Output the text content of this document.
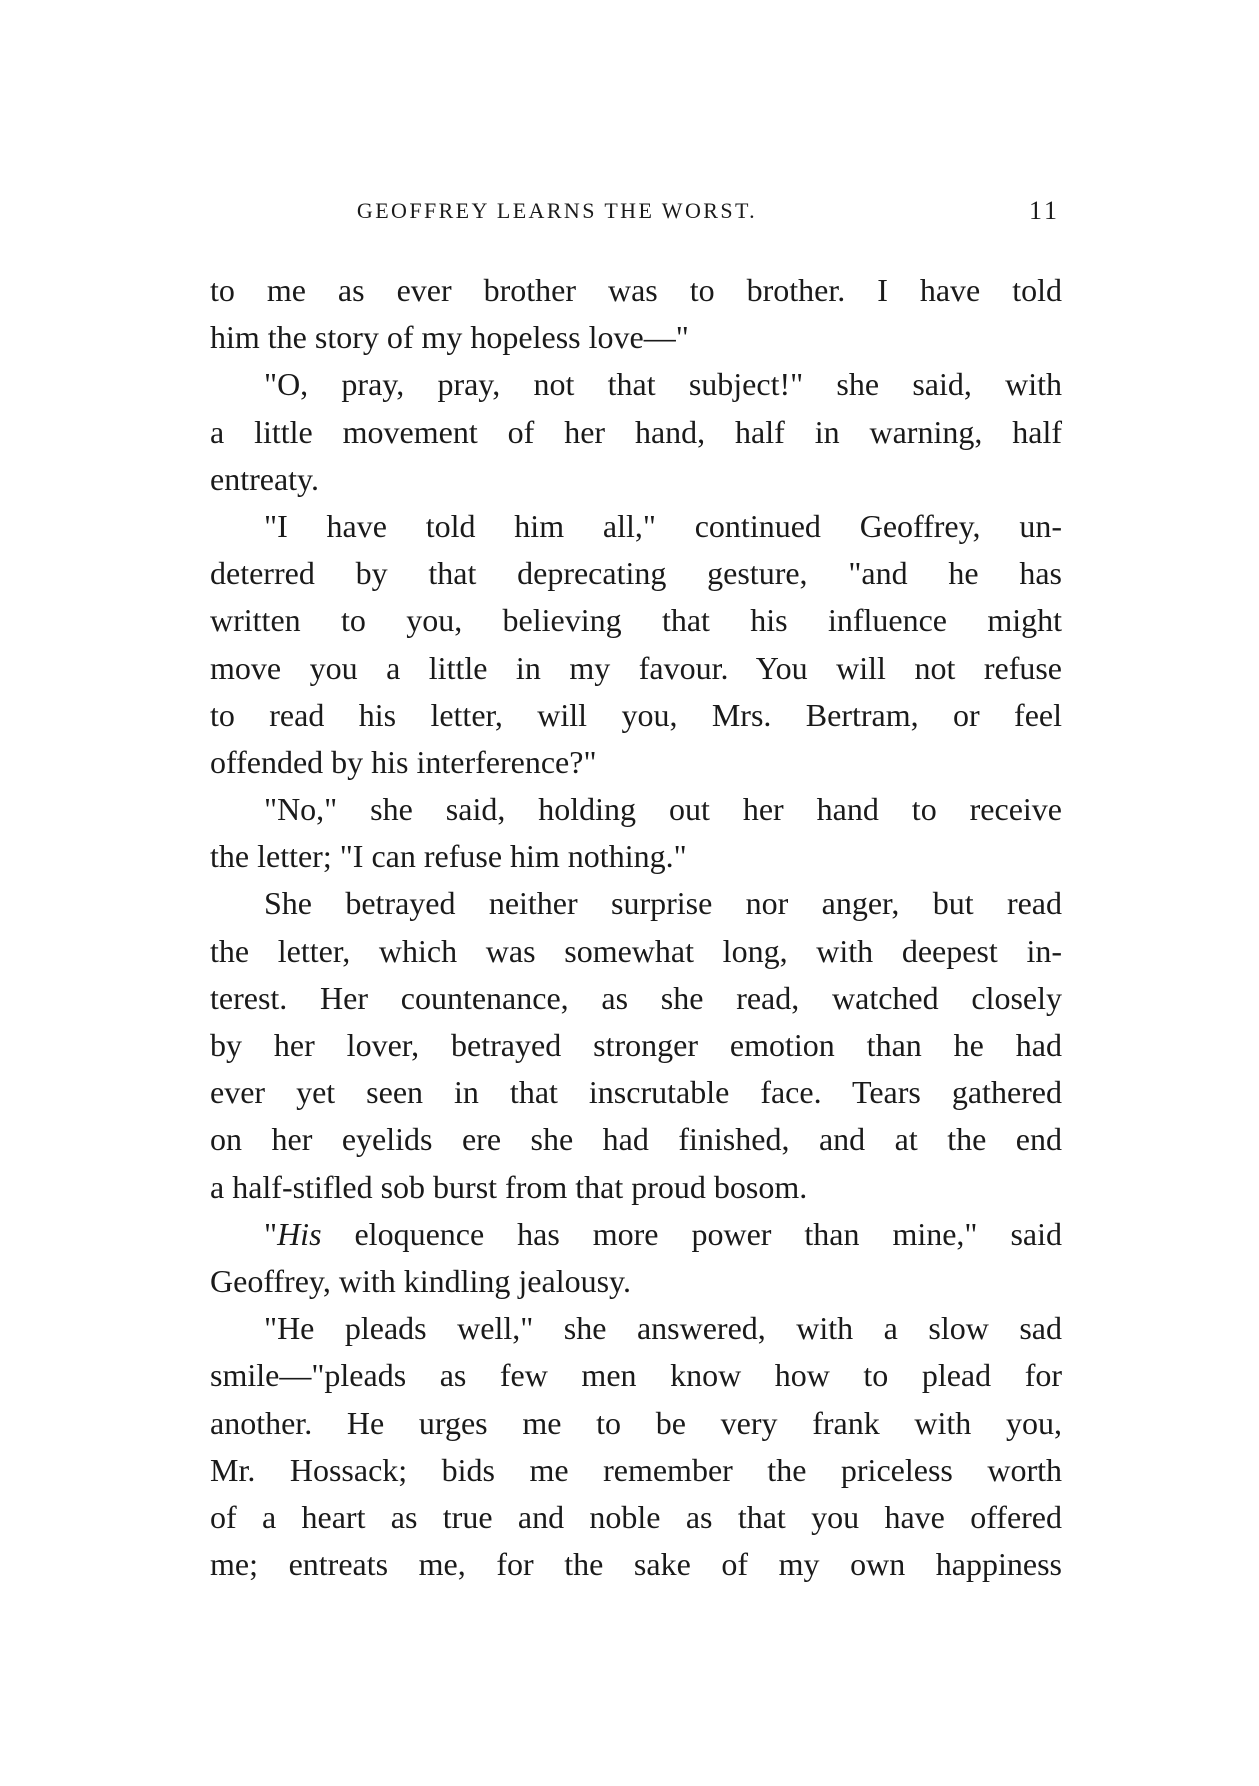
GEOFFREY LEARNS THE WORST.	11
to me as ever brother was to brother. I have told
him the story of my hopeless love—"
"O, pray, pray, not that subject!" she said, with
a little movement of her hand, half in warning, half
entreaty.
"I have told him all," continued Geoffrey, un-
deterred by that deprecating gesture, "and he has
written to you, believing that his influence might
move you a little in my favour. You will not refuse
to read his letter, will you, Mrs. Bertram, or feel
offended by his interference?"
"No," she said, holding out her hand to receive
the letter; "I can refuse him nothing."
She betrayed neither surprise nor anger, but read
the letter, which was somewhat long, with deepest in-
terest. Her countenance, as she read, watched closely
by her lover, betrayed stronger emotion than he had
ever yet seen in that inscrutable face. Tears gathered
on her eyelids ere she had finished, and at the end
a half-stifled sob burst from that proud bosom.
"His eloquence has more power than mine," said
Geoffrey, with kindling jealousy.
"He pleads well," she answered, with a slow sad
smile—"pleads as few men know how to plead for
another. He urges me to be very frank with you,
Mr. Hossack; bids me remember the priceless worth
of a heart as true and noble as that you have offered
me; entreats me, for the sake of my own happiness
